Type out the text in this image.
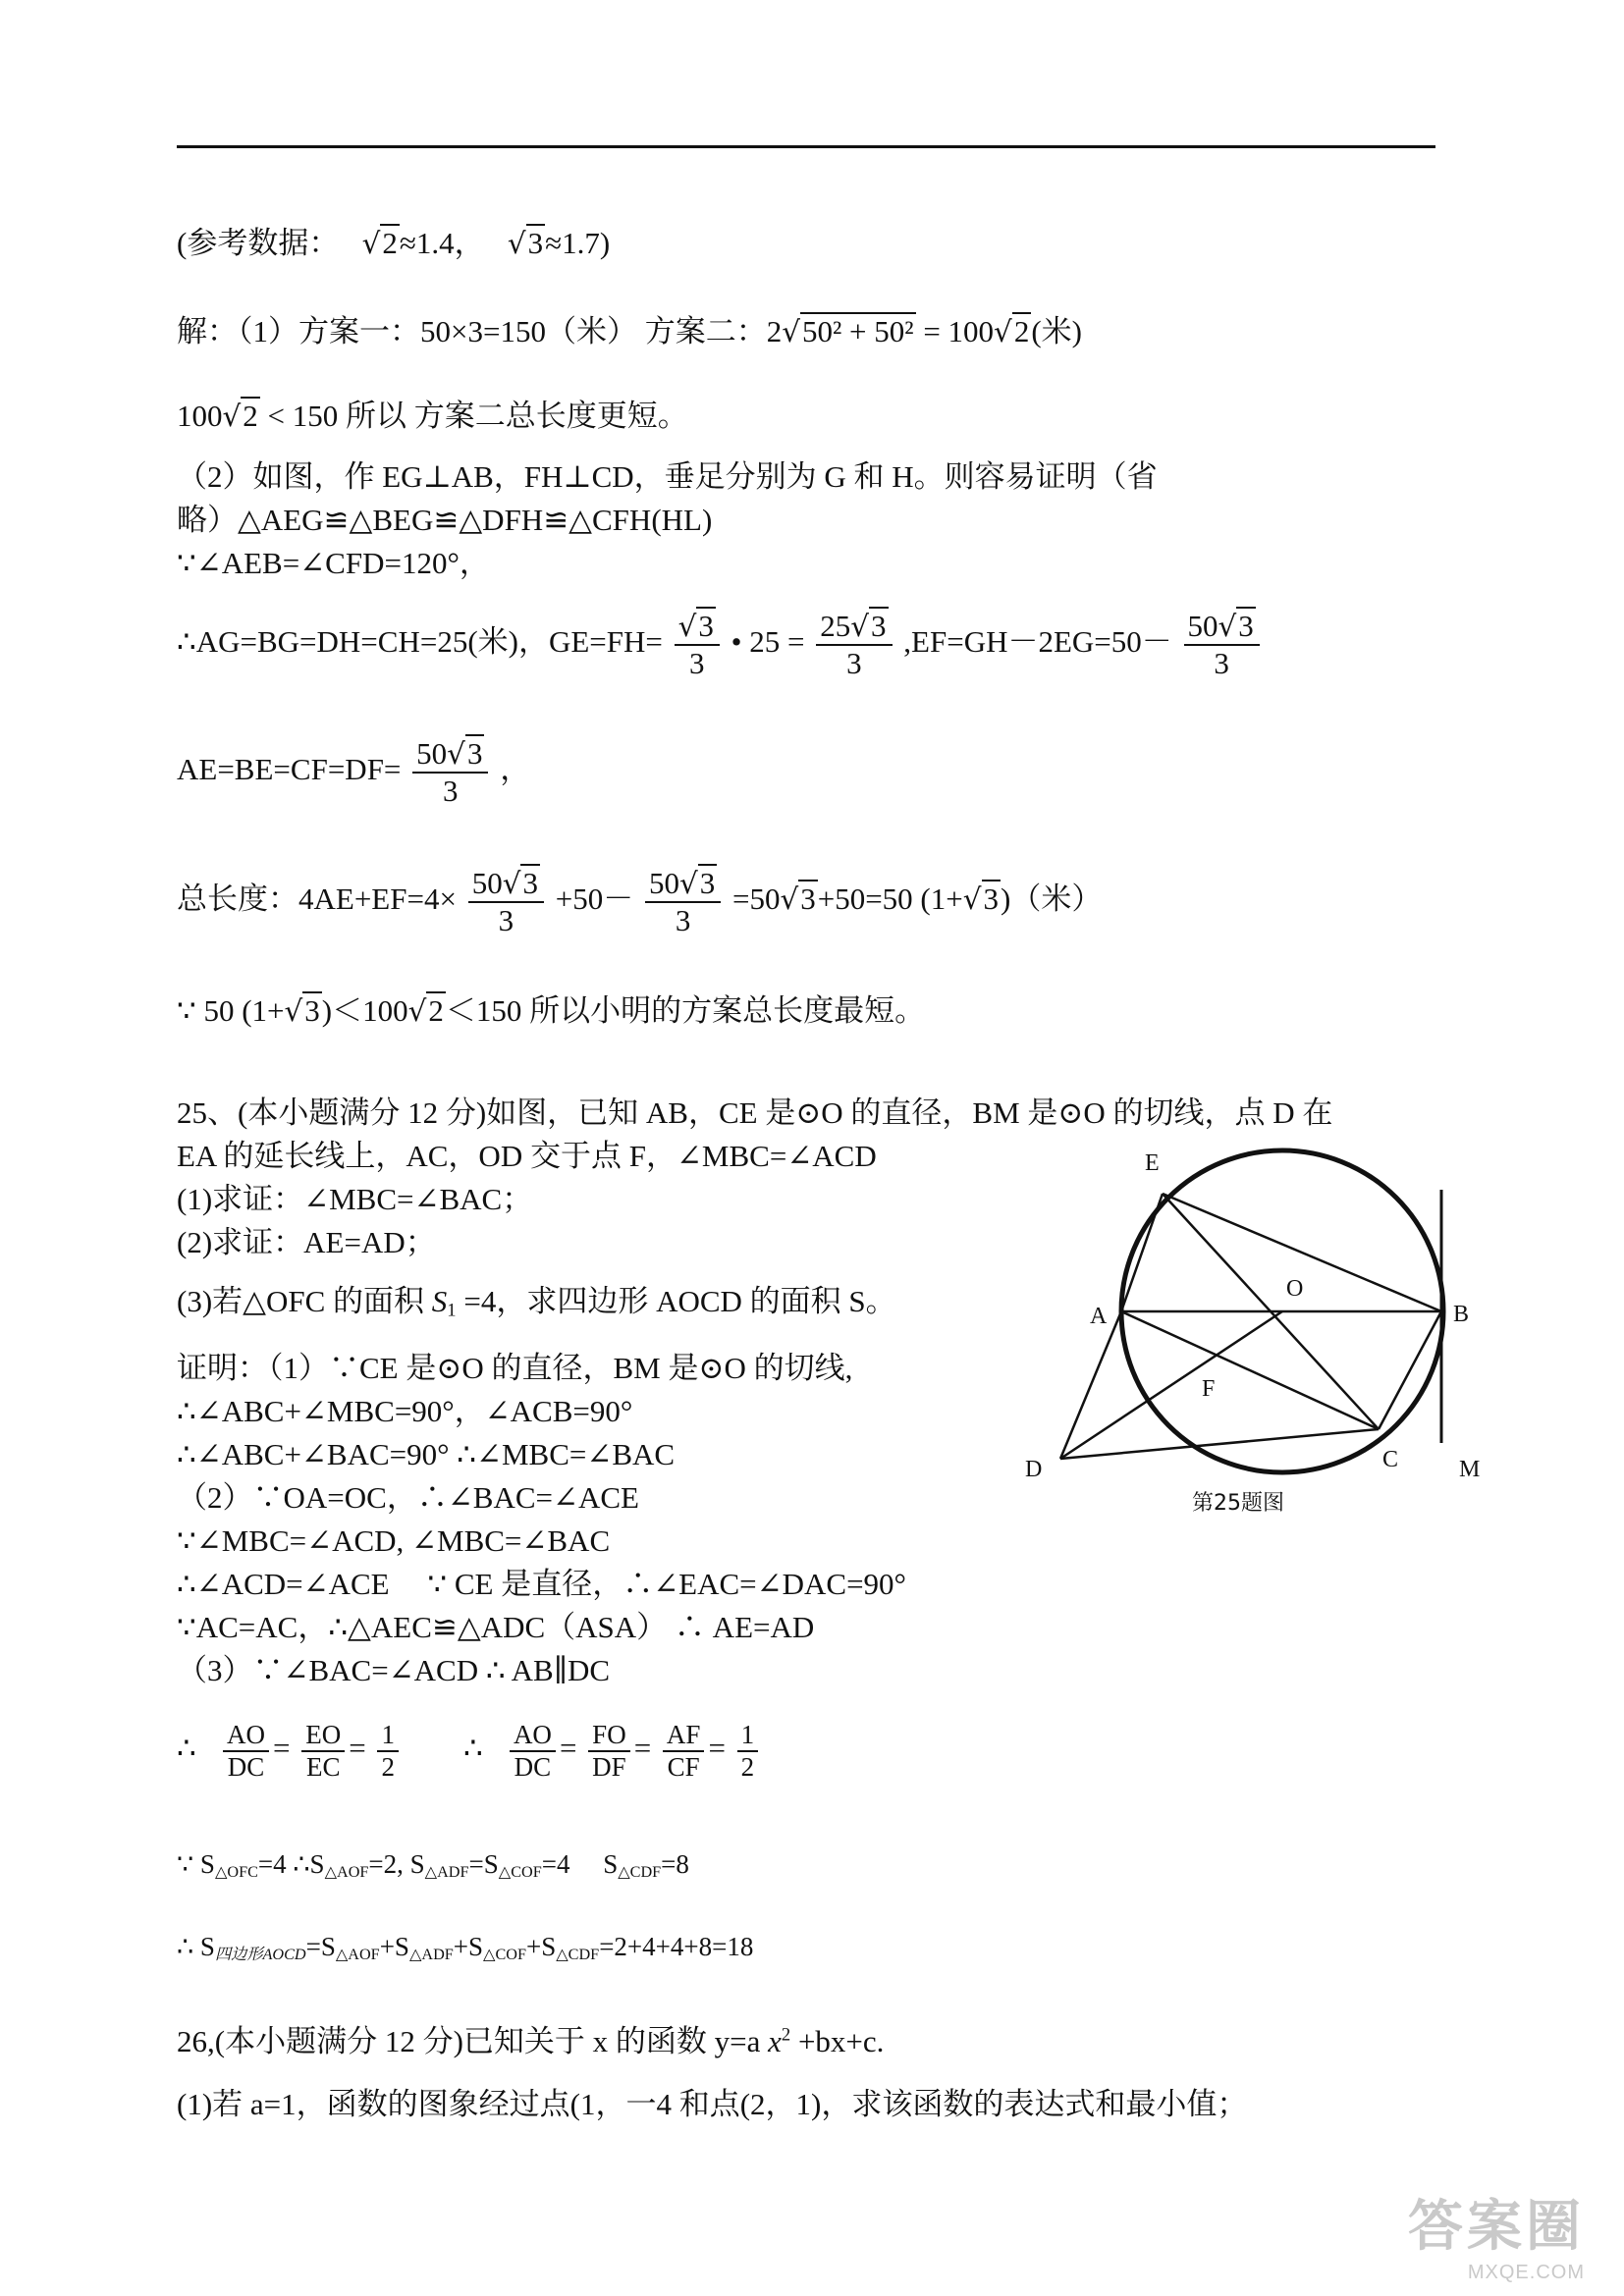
(参考数据： √2≈1.4， √3≈1.7)
解：（1）方案一：50×3=150（米） 方案二：2√50² + 50² = 100√2(米)
100√2 < 150 所以 方案二总长度更短。
（2）如图，作 EG⊥AB，FH⊥CD，垂足分别为 G 和 H。则容易证明（省
略）△AEG≌△BEG≌△DFH≌△CFH(HL)
∵∠AEB=∠CFD=120°，
∴AG=BG=DH=CH=25(米)，$GE=FH= \frac{√3}{3}$ • $25 = \frac{25√3}{3} ,EF=GH-2EG=50- \frac{50√3}{3}$
$AE=BE=CF=DF= \frac{50√3}{3}$ ，
总长度：$4AE+EF=4\times \frac{50√3}{3} +50- \frac{50√3}{3} =50√3+50=50$ (1+√3)（米）
∵ 50 (1+√3)＜100√2＜150 所以小明的方案总长度最短。
25、(本小题满分 12 分)如图，已知 AB，CE 是⊙O 的直径，BM 是⊙O 的切线，点 D 在
EA 的延长线上，AC，OD 交于点 F，∠MBC=∠ACD
(1)求证：∠MBC=∠BAC；
(2)求证：AE=AD；
(3)若△OFC 的面积 $S_1 =4$，求四边形 AOCD 的面积 S。
证明：（1）∵CE 是⊙O 的直径，BM 是⊙O 的切线,
∴∠ABC+∠MBC=90°，∠ACB=90°
∴∠ABC+∠BAC=90° ∴∠MBC=∠BAC
（2）∵OA=OC，∴∠BAC=∠ACE
∵∠MBC=∠ACD, ∠MBC=∠BAC
∴∠ACD=∠ACE　 ∵ CE 是直径，∴∠EAC=∠DAC=90°
∵AC=AC，∴△AEC≌△ADC（ASA） ∴ AE=AD
（3）∵∠BAC=∠ACD ∴ AB∥DC
∴ $\frac{AO}{DC} = \frac{EO}{EC} = \frac{1}{2}$ ∴ $\frac{AO}{DC} = \frac{FO}{DF} = \frac{AF}{CF} = \frac{1}{2}$
∵ $S_{\triangle OFC}=4$ $\therefore S_{\triangle AOF}=2$, $S_{\triangle ADF}=S_{\triangle COF}=4$　 $S_{\triangle CDF}=8$
∴ $S_{四边形AOCD}=S_{\triangle AOF}+S_{\triangle ADF}+S_{\triangle COF}+S_{\triangle CDF}=2+4+4+8=18$
26,(本小题满分 12 分)已知关于 x 的函数 y=a $x^2 +bx+c$.
(1)若 a=1，函数的图象经过点(1，一4 和点(2，1)，求该函数的表达式和最小值；
E
O
A	B
F
D	C	M
第25题图
答案圈
MXQE.COM
